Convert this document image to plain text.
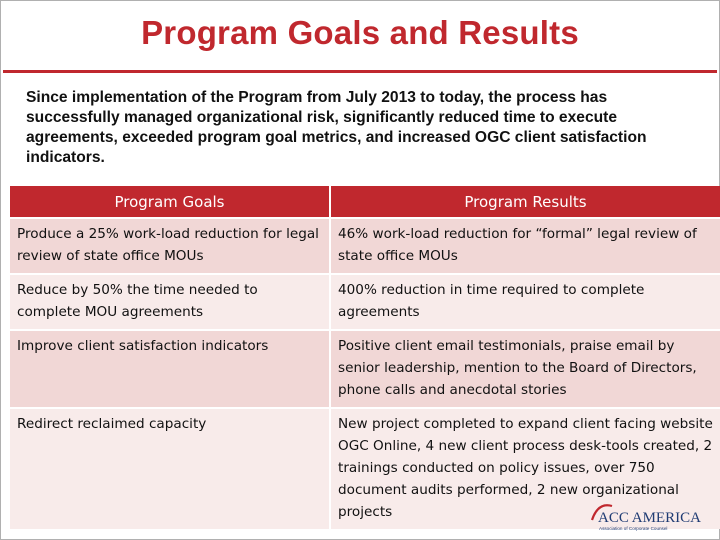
Program Goals and Results
Since implementation of the Program from July 2013 to today, the process has successfully managed organizational risk, significantly reduced time to execute agreements, exceeded program goal metrics, and increased OGC client satisfaction indicators.
Program Goals	Program Results
Produce a 25% work-load reduction for legal review of state office MOUs	46% work-load reduction for “formal” legal review of state office MOUs
Reduce by 50% the time needed to complete MOU agreements	400% reduction in time required to complete agreements
Improve client satisfaction indicators	Positive client email testimonials, praise email by senior leadership, mention to the Board of Directors, phone calls and anecdotal stories
Redirect reclaimed capacity	New project completed to expand client facing website OGC Online, 4 new client process desk-tools created, 2 trainings conducted on policy issues, over 750 document audits performed, 2 new organizational projects	ACC AMERICA
Association of Corporate Counsel
